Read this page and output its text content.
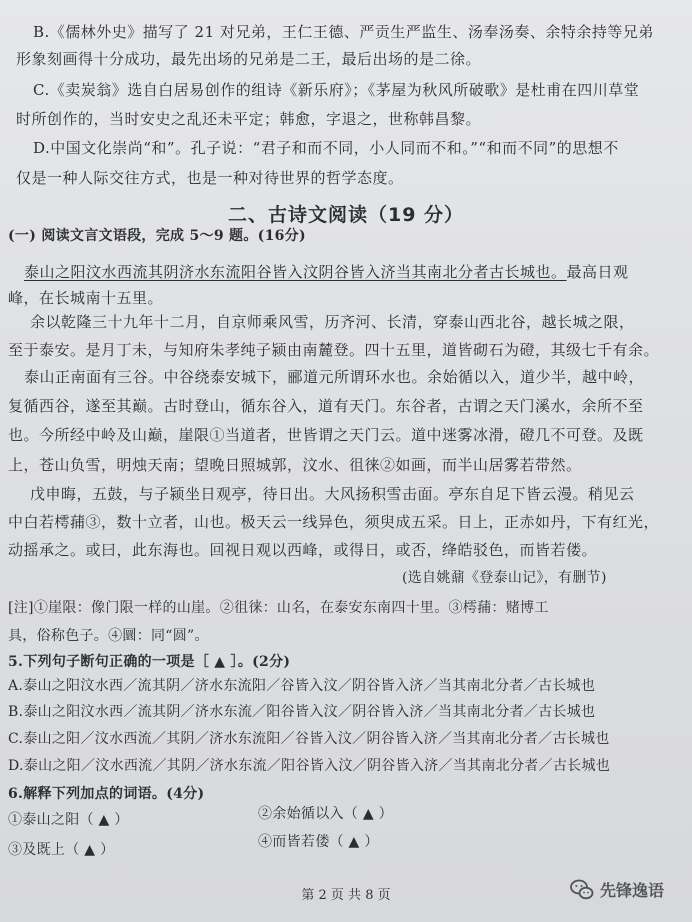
B.《儒林外史》描写了 21 对兄弟，王仁王德、严贡生严监生、汤奉汤奏、余特余持等兄弟
形象刻画得十分成功，最先出场的兄弟是二王，最后出场的是二徐。
C.《卖炭翁》选自白居易创作的组诗《新乐府》；《茅屋为秋风所破歌》是杜甫在四川草堂
时所创作的，当时安史之乱还未平定；韩愈，字退之，世称韩昌黎。
D.中国文化崇尚“和”。孔子说：“君子和而不同，小人同而不和。”“和而不同”的思想不
仅是一种人际交往方式，也是一种对待世界的哲学态度。
二、古诗文阅读（19 分）
(一) 阅读文言文语段，完成 5～9 题。(16分)
泰山之阳汶水西流其阴济水东流阳谷皆入汶阴谷皆入济当其南北分者古长城也。最高日观
峰，在长城南十五里。
余以乾隆三十九年十二月，自京师乘风雪，历齐河、长清，穿泰山西北谷，越长城之限，
至于泰安。是月丁未，与知府朱孝纯子颍由南麓登。四十五里，道皆砌石为磴，其级七千有余。
泰山正南面有三谷。中谷绕泰安城下，郦道元所谓环水也。余始循以入，道少半，越中岭，
复循西谷，遂至其巅。古时登山，循东谷入，道有天门。东谷者，古谓之天门溪水，余所不至
也。今所经中岭及山巅，崖限①当道者，世皆谓之天门云。道中迷雾冰滑，磴几不可登。及既
上，苍山负雪，明烛天南；望晚日照城郭，汶水、徂徕②如画，而半山居雾若带然。
戊申晦，五鼓，与子颍坐日观亭，待日出。大风扬积雪击面。亭东自足下皆云漫。稍见云
中白若樗蒱③，数十立者，山也。极天云一线异色，须臾成五采。日上，正赤如丹，下有红光，
动摇承之。或曰，此东海也。回视日观以西峰，或得日，或否，绛皓驳色，而皆若偻。
(选自姚鼐《登泰山记》，有删节)
[注]①崖限：像门限一样的山崖。②徂徕：山名，在泰安东南四十里。③樗蒱：赌博工
具，俗称色子。④圜：同“圆”。
5.下列句子断句正确的一项是［ ▲ ］。(2分)
A.泰山之阳汶水西／流其阴／济水东流阳／谷皆入汶／阴谷皆入济／当其南北分者／古长城也
B.泰山之阳汶水西／流其阴／济水东流／阳谷皆入汶／阴谷皆入济／当其南北分者／古长城也
C.泰山之阳／汶水西流／其阴／济水东流阳／谷皆入汶／阴谷皆入济／当其南北分者／古长城也
D.泰山之阳／汶水西流／其阴／济水东流／阳谷皆入汶／阴谷皆入济／当其南北分者／古长城也
6.解释下列加点的词语。(4分)
①泰山之阳（ ▲ ）	②余始循以入（ ▲ ）
③及既上（ ▲ ）	④而皆若偻（ ▲ ）
第 2 页 共 8 页	先锋逸语
